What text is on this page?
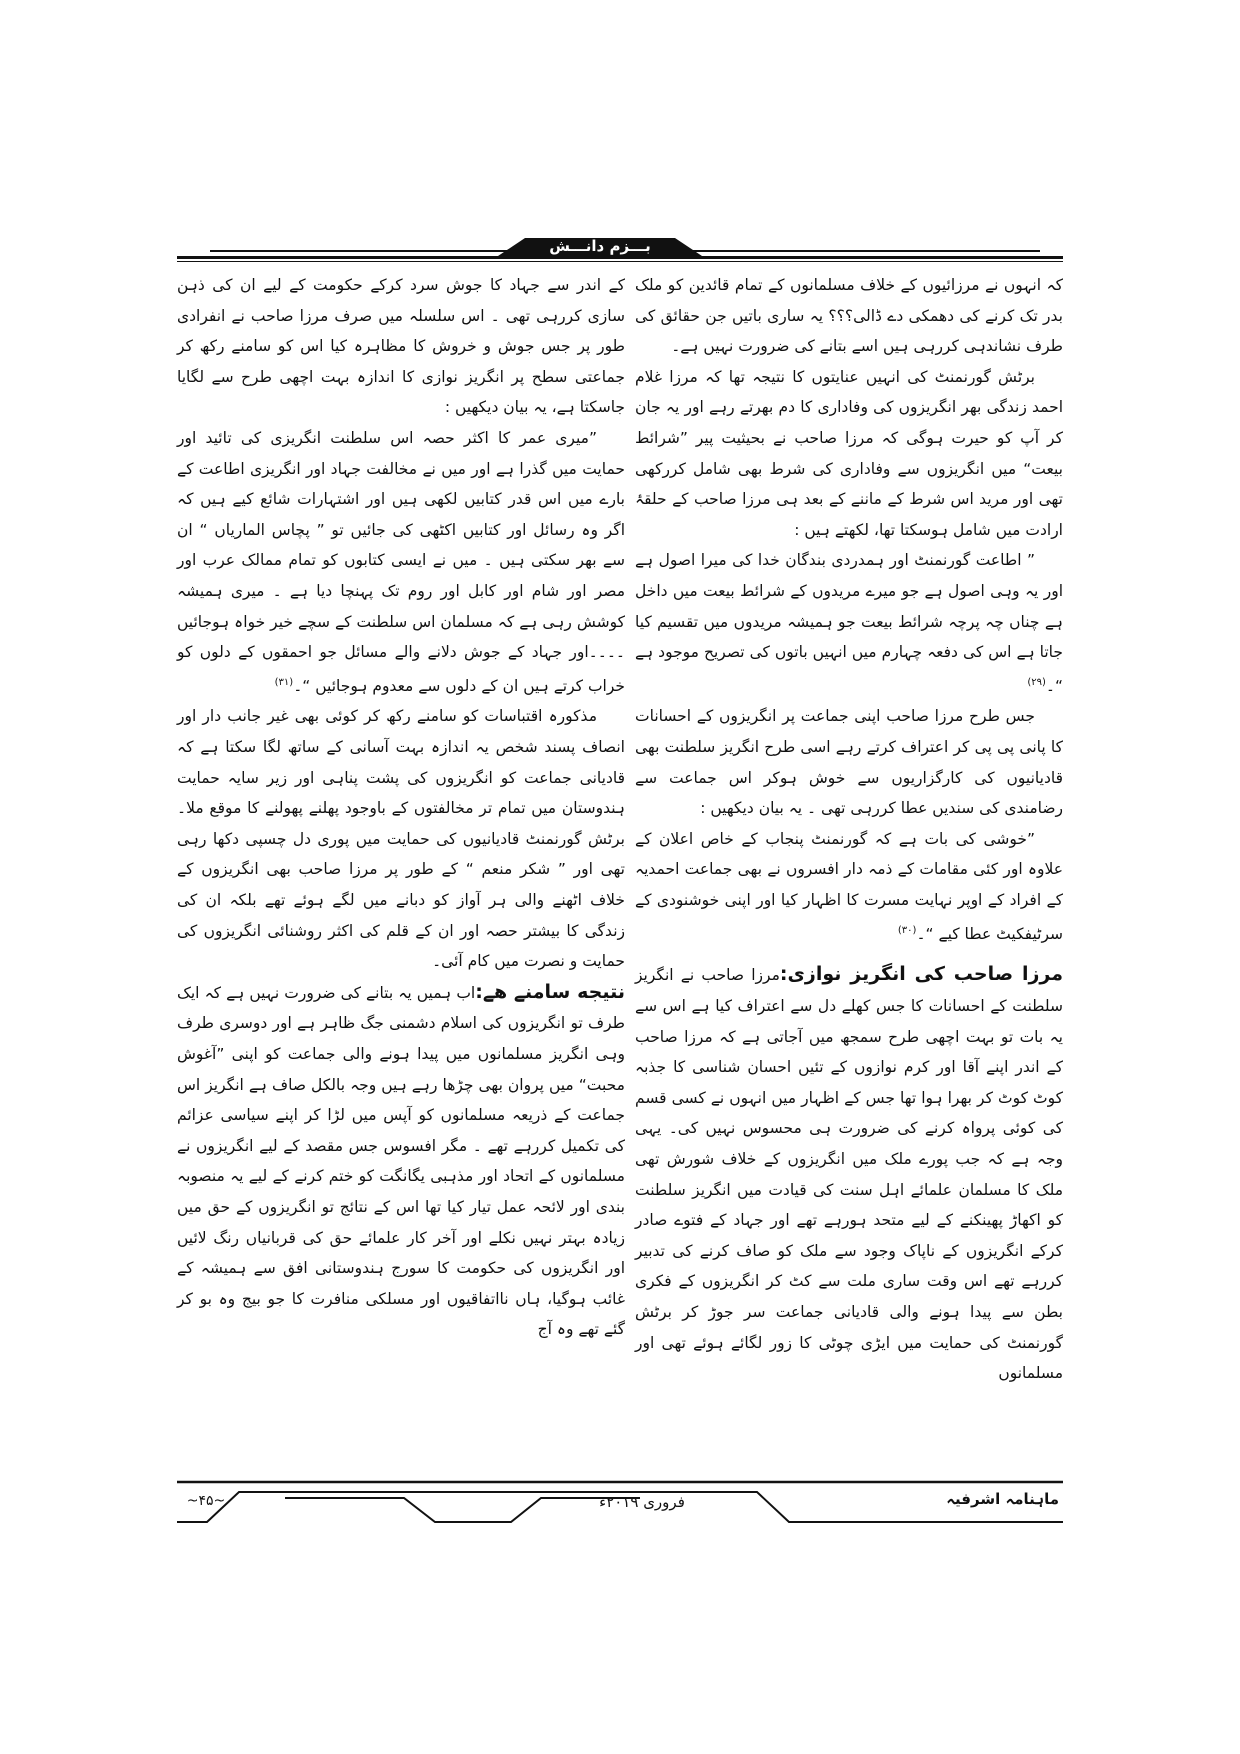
بـــزم دانـــش

کہ انہوں نے مرزائیوں کے خلاف مسلمانوں کے تمام قائدین کو ملک بدر تک کرنے کی دھمکی دے ڈالی؟؟؟ یہ ساری باتیں جن حقائق کی طرف نشاندہی کررہی ہیں اسے بتانے کی ضرورت نہیں ہے۔

برٹش گورنمنٹ کی انہیں عنایتوں کا نتیجہ تھا کہ مرزا غلام احمد زندگی بھر انگریزوں کی وفاداری کا دم بھرتے رہے اور یہ جان کر آپ کو حیرت ہوگی کہ مرزا صاحب نے بحیثیت پیر ”شرائط بیعت“ میں انگریزوں سے وفاداری کی شرط بھی شامل کررکھی تھی اور مرید اس شرط کے ماننے کے بعد ہی مرزا صاحب کے حلقۂ ارادت میں شامل ہوسکتا تھا، لکھتے ہیں :

” اطاعت گورنمنٹ اور ہمدردی بندگان خدا کی میرا اصول ہے اور یہ وہی اصول ہے جو میرے مریدوں کے شرائط بیعت میں داخل ہے چناں چہ پرچہ شرائط بیعت جو ہمیشہ مریدوں میں تقسیم کیا جاتا ہے اس کی دفعہ چہارم میں انہیں باتوں کی تصریح موجود ہے “۔$^{(۲۹)}$

جس طرح مرزا صاحب اپنی جماعت پر انگریزوں کے احسانات کا پانی پی پی کر اعتراف کرتے رہے اسی طرح انگریز سلطنت بھی قادیانیوں کی کارگزاریوں سے خوش ہوکر اس جماعت سے رضامندی کی سندیں عطا کررہی تھی ۔ یہ بیان دیکھیں :

”خوشی کی بات ہے کہ گورنمنٹ پنجاب کے خاص اعلان کے علاوہ اور کئی مقامات کے ذمہ دار افسروں نے بھی جماعت احمدیہ کے افراد کے اوپر نہایت مسرت کا اظہار کیا اور اپنی خوشنودی کے سرٹیفکیٹ عطا کیے “۔$^{(۳۰)}$

مرزا صاحب کی انگریز نوازی:مرزا صاحب نے انگریز سلطنت کے احسانات کا جس کھلے دل سے اعتراف کیا ہے اس سے یہ بات تو بہت اچھی طرح سمجھ میں آجاتی ہے کہ مرزا صاحب کے اندر اپنے آقا اور کرم نوازوں کے تئیں احسان شناسی کا جذبہ کوٹ کوٹ کر بھرا ہوا تھا جس کے اظہار میں انہوں نے کسی قسم کی کوئی پرواہ کرنے کی ضرورت ہی محسوس نہیں کی۔ یہی وجہ ہے کہ جب پورے ملک میں انگریزوں کے خلاف شورش تھی ملک کا مسلمان علمائے اہل سنت کی قیادت میں انگریز سلطنت کو اکھاڑ پھینکنے کے لیے متحد ہورہے تھے اور جہاد کے فتوے صادر کرکے انگریزوں کے ناپاک وجود سے ملک کو صاف کرنے کی تدبیر کررہے تھے اس وقت ساری ملت سے کٹ کر انگریزوں کے فکری بطن سے پیدا ہونے والی قادیانی جماعت سر جوڑ کر برٹش گورنمنٹ کی حمایت میں ایڑی چوٹی کا زور لگائے ہوئے تھی اور مسلمانوں

کے اندر سے جہاد کا جوش سرد کرکے حکومت کے لیے ان کی ذہن سازی کررہی تھی ۔ اس سلسلہ میں صرف مرزا صاحب نے انفرادی طور پر جس جوش و خروش کا مظاہرہ کیا اس کو سامنے رکھ کر جماعتی سطح پر انگریز نوازی کا اندازہ بہت اچھی طرح سے لگایا جاسکتا ہے، یہ بیان دیکھیں :

”میری عمر کا اکثر حصہ اس سلطنت انگریزی کی تائید اور حمایت میں گذرا ہے اور میں نے مخالفت جہاد اور انگریزی اطاعت کے بارے میں اس قدر کتابیں لکھی ہیں اور اشتہارات شائع کیے ہیں کہ اگر وہ رسائل اور کتابیں اکٹھی کی جائیں تو ” پچاس الماریاں “ ان سے بھر سکتی ہیں ۔ میں نے ایسی کتابوں کو تمام ممالک عرب اور مصر اور شام اور کابل اور روم تک پہنچا دیا ہے ۔ میری ہمیشہ کوشش رہی ہے کہ مسلمان اس سلطنت کے سچے خیر خواہ ہوجائیں ۔۔۔۔اور جہاد کے جوش دلانے والے مسائل جو احمقوں کے دلوں کو خراب کرتے ہیں ان کے دلوں سے معدوم ہوجائیں “۔$^{(۳۱)}$

مذکورہ اقتباسات کو سامنے رکھ کر کوئی بھی غیر جانب دار اور انصاف پسند شخص یہ اندازہ بہت آسانی کے ساتھ لگا سکتا ہے کہ قادیانی جماعت کو انگریزوں کی پشت پناہی اور زیر سایہ حمایت ہندوستان میں تمام تر مخالفتوں کے باوجود پھلنے پھولنے کا موقع ملا۔ برٹش گورنمنٹ قادیانیوں کی حمایت میں پوری دل چسپی دکھا رہی تھی اور ” شکر منعم “ کے طور پر مرزا صاحب بھی انگریزوں کے خلاف اٹھنے والی ہر آواز کو دبانے میں لگے ہوئے تھے بلکہ ان کی زندگی کا بیشتر حصہ اور ان کے قلم کی اکثر روشنائی انگریزوں کی حمایت و نصرت میں کام آئی۔

نتیجه سامنے ھے:اب ہمیں یہ بتانے کی ضرورت نہیں ہے کہ ایک طرف تو انگریزوں کی اسلام دشمنی جگ ظاہر ہے اور دوسری طرف وہی انگریز مسلمانوں میں پیدا ہونے والی جماعت کو اپنی ”آغوش محبت“ میں پروان بھی چڑھا رہے ہیں وجہ بالکل صاف ہے انگریز اس جماعت کے ذریعہ مسلمانوں کو آپس میں لڑا کر اپنے سیاسی عزائم کی تکمیل کررہے تھے ۔ مگر افسوس جس مقصد کے لیے انگریزوں نے مسلمانوں کے اتحاد اور مذہبی یگانگت کو ختم کرنے کے لیے یہ منصوبہ بندی اور لائحہ عمل تیار کیا تھا اس کے نتائج تو انگریزوں کے حق میں زیادہ بہتر نہیں نکلے اور آخر کار علمائے حق کی قربانیاں رنگ لائیں اور انگریزوں کی حکومت کا سورج ہندوستانی افق سے ہمیشہ کے غائب ہوگیا، ہاں نااتفاقیوں اور مسلکی منافرت کا جو بیج وہ بو کر گئے تھے وہ آج

~۴۵~	فروری ۲۰۱۹ء	ماہنامہ اشرفیہ
